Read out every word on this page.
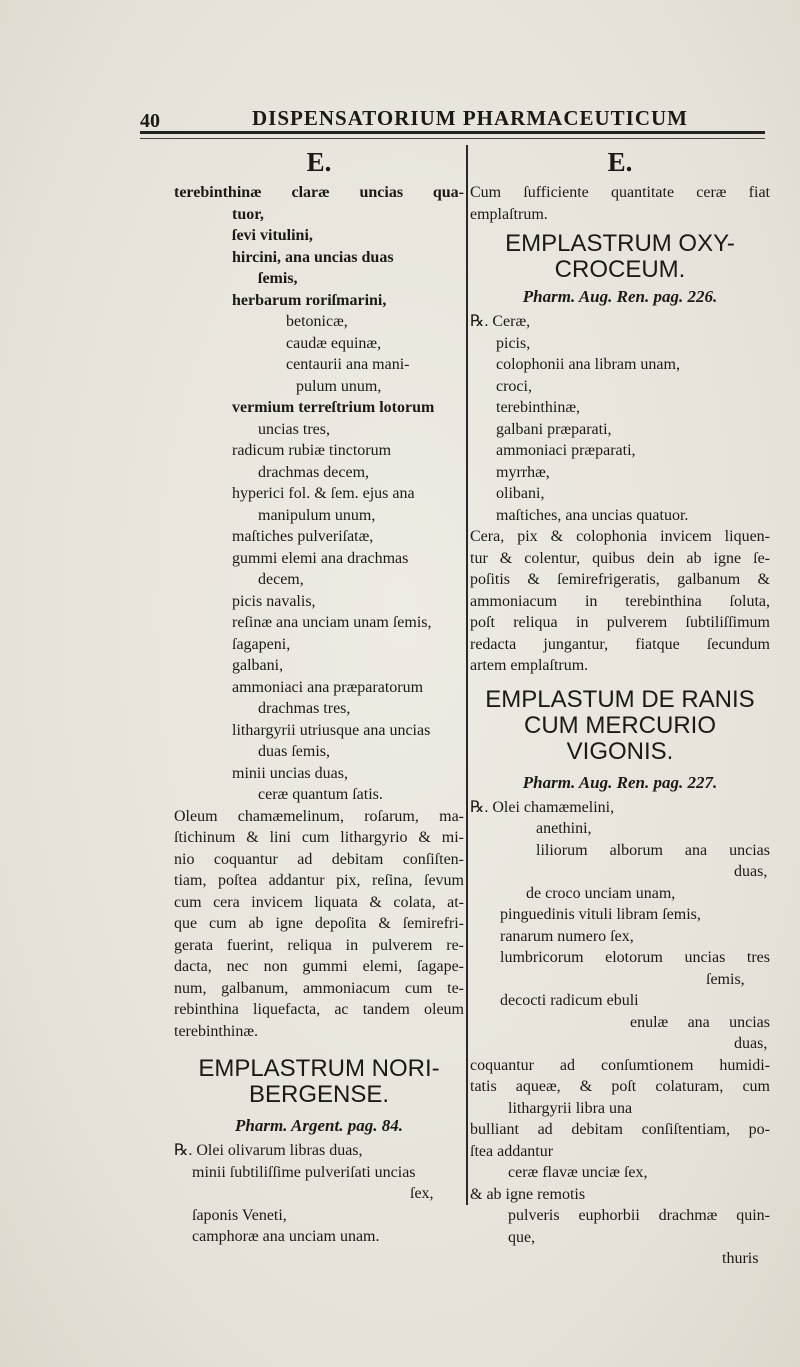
40	DISPENSATORIUM PHARMACEUTICUM
E.
terebinthinæ claræ uncias qua-
tuor,
ſevi vitulini,
hircini, ana uncias duas
ſemis,
herbarum roriſmarini,
betonicæ,
caudæ equinæ,
centaurii ana mani-
pulum unum,
vermium terreſtrium lotorum
uncias tres,
radicum rubiæ tinctorum
drachmas decem,
hyperici fol. & ſem. ejus ana
manipulum unum,
maſtiches pulveriſatæ,
gummi elemi ana drachmas
decem,
picis navalis,
reſinæ ana unciam unam ſemis,
ſagapeni,
galbani,
ammoniaci ana præparatorum
drachmas tres,
lithargyrii utriusque ana uncias
duas ſemis,
minii uncias duas,
ceræ quantum ſatis.
Oleum chamæmelinum, roſarum, ma-
ſtichinum & lini cum lithargyrio & mi-
nio coquantur ad debitam conſiſten-
tiam, poſtea addantur pix, reſina, ſevum
cum cera invicem liquata & colata, at-
que cum ab igne depoſita & ſemirefri-
gerata fuerint, reliqua in pulverem re-
dacta, nec non gummi elemi, ſagape-
num, galbanum, ammoniacum cum te-
rebinthina liquefacta, ac tandem oleum
terebinthinæ.
EMPLASTRUM NORI-
BERGENSE.
Pharm. Argent. pag. 84.
℞. Olei olivarum libras duas,
minii ſubtiliſſime pulveriſati uncias
ſex,
ſaponis Veneti,
camphoræ ana unciam unam.
E.
Cum ſufficiente quantitate ceræ fiat
emplaſtrum.
EMPLASTRUM OXY-
CROCEUM.
Pharm. Aug. Ren. pag. 226.
℞. Ceræ,
picis,
colophonii ana libram unam,
croci,
terebinthinæ,
galbani præparati,
ammoniaci præparati,
myrrhæ,
olibani,
maſtiches, ana uncias quatuor.
Cera, pix & colophonia invicem liquen-
tur & colentur, quibus dein ab igne ſe-
poſitis & ſemirefrigeratis, galbanum &
ammoniacum in terebinthina ſoluta,
poſt reliqua in pulverem ſubtiliſſimum
redacta jungantur, fiatque ſecundum
artem emplaſtrum.
EMPLASTUM DE RANIS
CUM MERCURIO
VIGONIS.
Pharm. Aug. Ren. pag. 227.
℞. Olei chamæmelini,
anethini,
liliorum alborum ana uncias
duas,
de croco unciam unam,
pinguedinis vituli libram ſemis,
ranarum numero ſex,
lumbricorum elotorum uncias tres
ſemis,
decocti radicum ebuli
enulæ ana uncias
duas,
coquantur ad conſumtionem humidi-
tatis aqueæ, & poſt colaturam, cum
lithargyrii libra una
bulliant ad debitam conſiſtentiam, po-
ſtea addantur
ceræ flavæ unciæ ſex,
& ab igne remotis
pulveris euphorbii drachmæ quin-
que,
thuris
